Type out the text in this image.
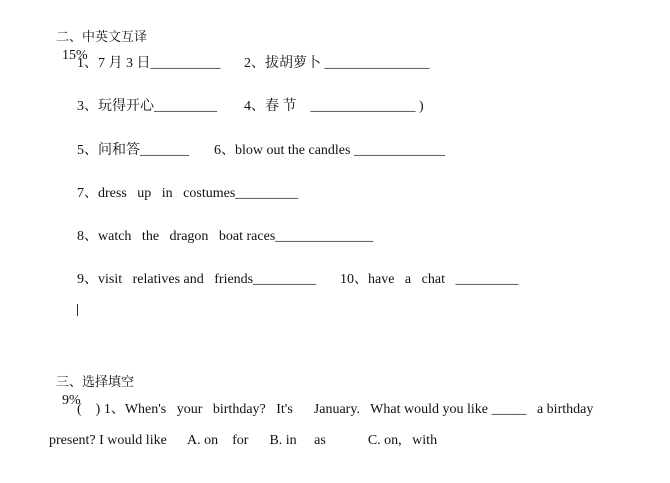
二、中英文互译
15%

1、7 月 3 日__________ 2、拔胡萝卜 _______________
3、玩得开心_________ 4、春 节    _______________ )
5、问和答_______ 6、blow out the candles _____________
7、dress   up   in   costumes_________
8、watch   the   dragon   boat races______________
9、visit   relatives and   friends_________ 10、have   a   chat   _________

三、选择填空
9%

(    ) 1、When's   your   birthday?   It's      January.   What would you like _____   a birthday
present? I would like      A. on    for      B. in     as            C. on,   with
